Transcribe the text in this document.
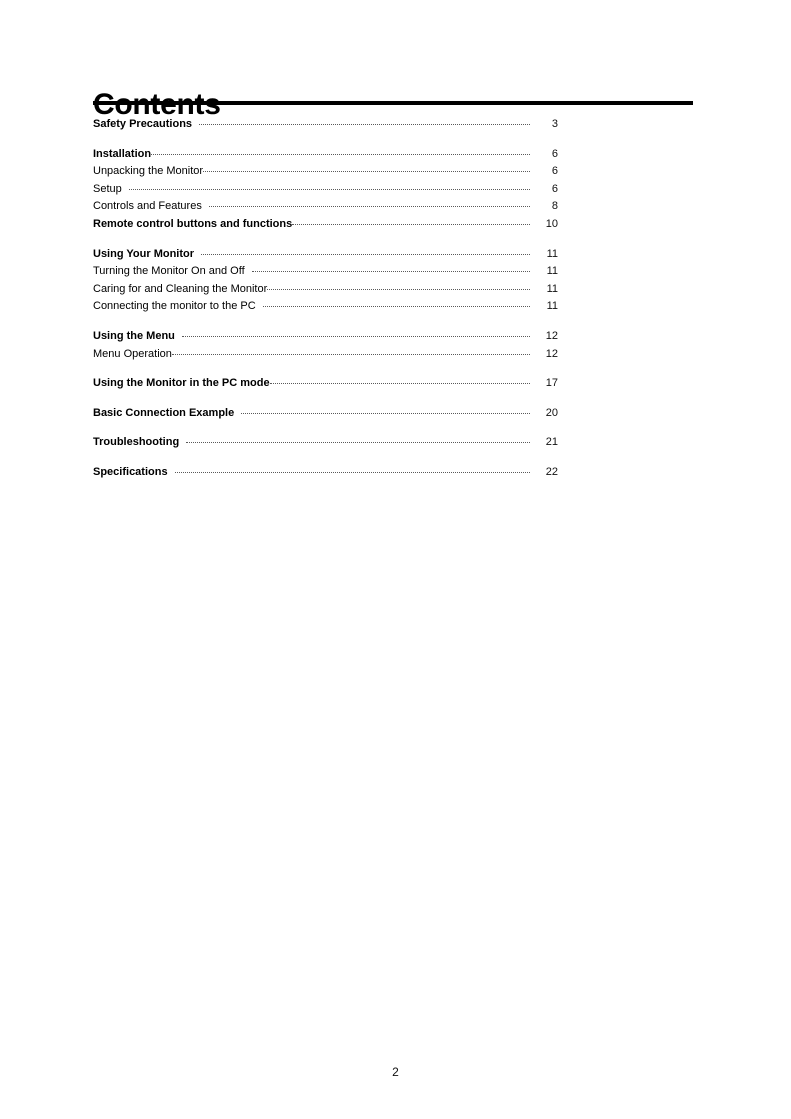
Safety Precautions	3
Installation	6
Unpacking the Monitor	6
Setup	6
Controls and Features	8
Remote control buttons and functions	10
Using Your Monitor	11
Turning the Monitor On and Off	11
Caring for and Cleaning the Monitor	11
Connecting the monitor to the PC	11
Using the Menu	12
Menu Operation	12
Using the Monitor in the PC mode	17
Basic Connection Example	20
Troubleshooting	21
Specifications	22
2
